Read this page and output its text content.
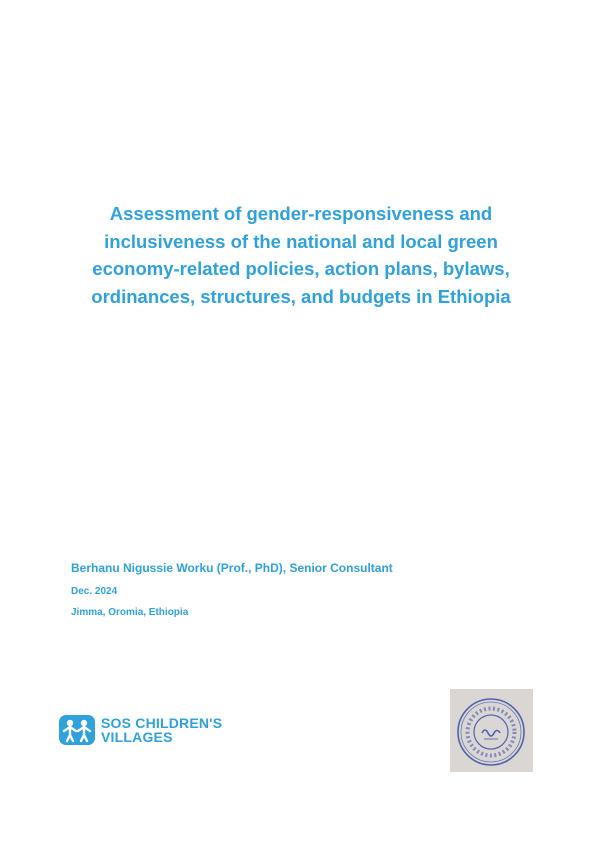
Assessment of gender-responsiveness and
inclusiveness of the national and local green
economy-related policies, action plans, bylaws,
ordinances, structures, and budgets in Ethiopia
Berhanu Nigussie Worku (Prof., PhD), Senior Consultant
Dec. 2024
Jimma, Oromia, Ethiopia
SOS CHILDREN'S
VILLAGES
